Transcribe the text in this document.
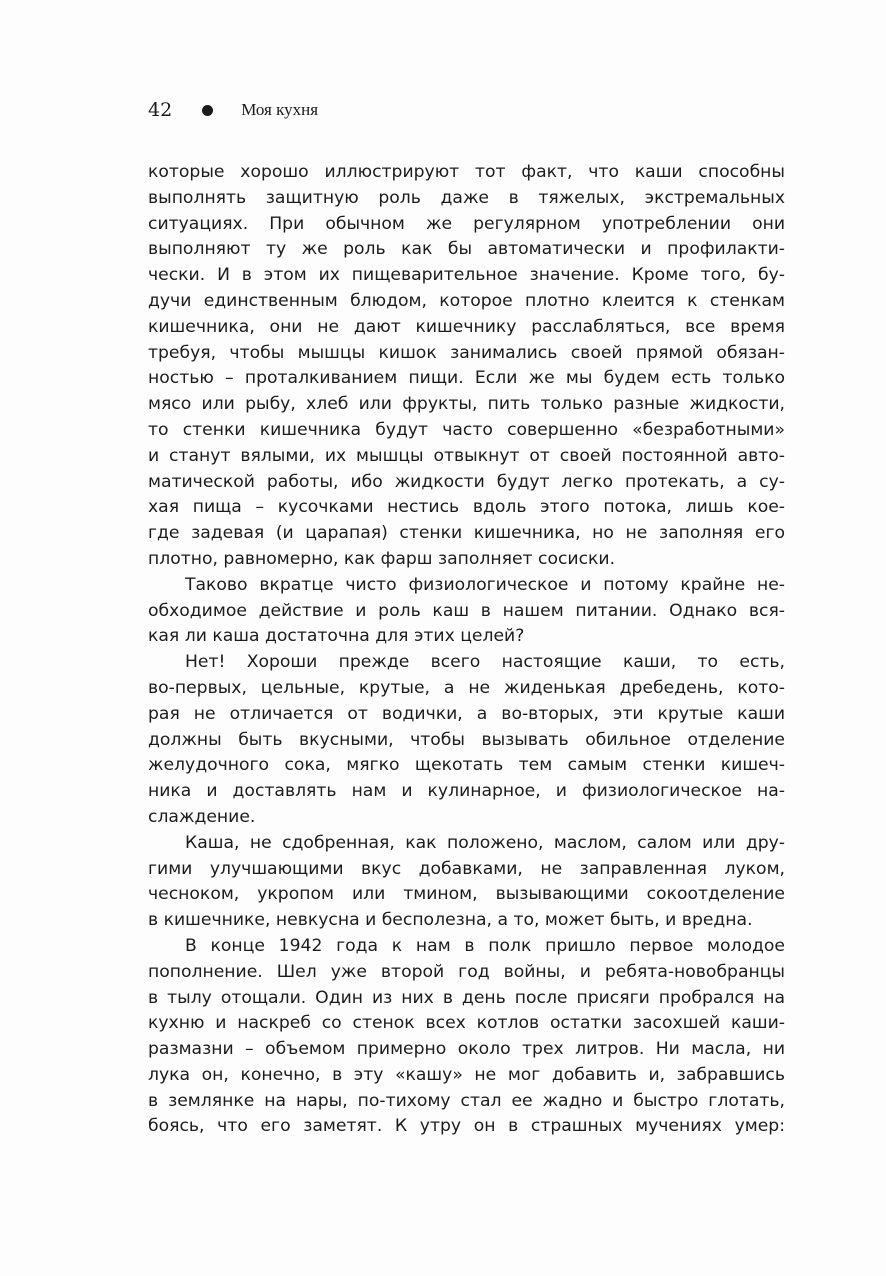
42	Моя кухня
которые хорошо иллюстрируют тот факт, что каши способны
выполнять защитную роль даже в тяжелых, экстремальных
ситуациях. При обычном же регулярном употреблении они
выполняют ту же роль как бы автоматически и профилакти-
чески. И в этом их пищеварительное значение. Кроме того, бу-
дучи единственным блюдом, которое плотно клеится к стенкам
кишечника, они не дают кишечнику расслабляться, все время
требуя, чтобы мышцы кишок занимались своей прямой обязан-
ностью – проталкиванием пищи. Если же мы будем есть только
мясо или рыбу, хлеб или фрукты, пить только разные жидкости,
то стенки кишечника будут часто совершенно «безработными»
и станут вялыми, их мышцы отвыкнут от своей постоянной авто-
матической работы, ибо жидкости будут легко протекать, а су-
хая пища – кусочками нестись вдоль этого потока, лишь кое-
где задевая (и царапая) стенки кишечника, но не заполняя его
плотно, равномерно, как фарш заполняет сосиски.
Таково вкратце чисто физиологическое и потому крайне не-
обходимое действие и роль каш в нашем питании. Однако вся-
кая ли каша достаточна для этих целей?
Нет! Хороши прежде всего настоящие каши, то есть,
во-первых, цельные, крутые, а не жиденькая дребедень, кото-
рая не отличается от водички, а во-вторых, эти крутые каши
должны быть вкусными, чтобы вызывать обильное отделение
желудочного сока, мягко щекотать тем самым стенки кишеч-
ника и доставлять нам и кулинарное, и физиологическое на-
слаждение.
Каша, не сдобренная, как положено, маслом, салом или дру-
гими улучшающими вкус добавками, не заправленная луком,
чесноком, укропом или тмином, вызывающими сокоотделение
в кишечнике, невкусна и бесполезна, а то, может быть, и вредна.
В конце 1942 года к нам в полк пришло первое молодое
пополнение. Шел уже второй год войны, и ребята-новобранцы
в тылу отощали. Один из них в день после присяги пробрался на
кухню и наскреб со стенок всех котлов остатки засохшей каши-
размазни – объемом примерно около трех литров. Ни масла, ни
лука он, конечно, в эту «кашу» не мог добавить и, забравшись
в землянке на нары, по-тихому стал ее жадно и быстро глотать,
боясь, что его заметят. К утру он в страшных мучениях умер:
